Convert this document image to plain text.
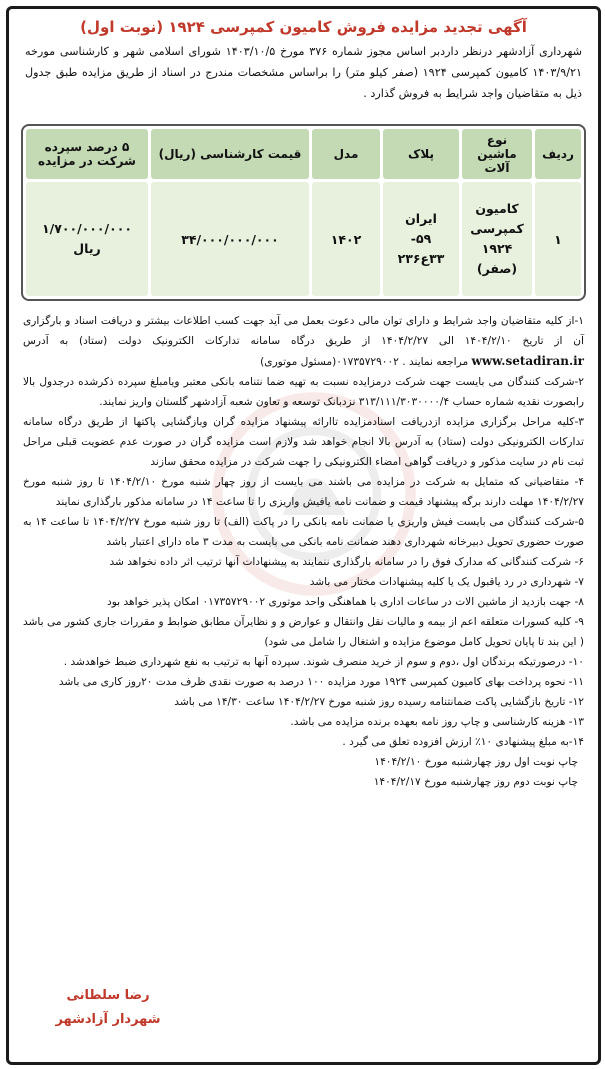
آگهی تجدید مزایده فروش کامیون کمپرسی ۱۹۲۴ (نوبت اول)
شهرداری آزادشهر درنظر داردبر اساس مجوز شماره ۳۷۶ مورخ ۱۴۰۳/۱۰/۵ شورای اسلامی شهر و کارشناسی مورخه ۱۴۰۳/۹/۲۱ کامیون کمپرسی ۱۹۲۴ (صفر کیلو متر) را براساس مشخصات مندرج در اسناد از طریق مزایده طبق جدول ذیل به متقاضیان واجد شرایط به فروش گذارد .
ردیف	نوع ماشین آلات	پلاک	مدل	قیمت کارشناسی (ریال)	۵ درصد سپرده شرکت در مزایده
۱	کامیون
کمپرسی
۱۹۲۴
(صفر)	ایران
۵۹-
۳۳ع۲۳۶	۱۴۰۲	۳۴/۰۰۰/۰۰۰/۰۰۰	۱/۷۰۰/۰۰۰/۰۰۰
ریال
۱-از کلیه متقاضیان واجد شرایط و دارای توان مالی دعوت بعمل می آید جهت کسب اطلاعات بیشتر و دریافت اسناد و بارگزاری آن از تاریخ ۱۴۰۴/۲/۱۰ الی ۱۴۰۴/۲/۲۷ از طریق درگاه سامانه تدارکات الکترونیک دولت (ستاد) به آدرس www.setadiran.ir مراجعه نمایند . ۰۱۷۳۵۷۲۹۰۰۲(مسئول موتوری)
۲-شرکت کنندگان می بایست جهت شرکت درمزایده نسبت به تهیه ضما نتنامه بانکی معتبر ویامبلغ سپرده ذکرشده درجدول بالا رابصورت نقدیه شماره حساب ۳۱۳/۱۱۱/۳۰۳۰۰۰۰/۴ نزدبانک توسعه و تعاون شعبه آزادشهر گلستان واریز نمایند.
۳-کلیه مراحل برگزاری مزایده ازدریافت اسنادمزایده تاارائه پیشنهاد مزایده گران وبازگشایی پاکتها از طریق درگاه سامانه تدارکات الکترونیکی دولت (ستاد) به آدرس بالا انجام خواهد شد ولازم است مزایده گران در صورت عدم عضویت قبلی مراحل ثبت نام در سایت مذکور و دریافت گواهی امضاء الکترونیکی را جهت شرکت در مزایده محقق سازند
۴- متقاضیانی که متمایل به شرکت در مزایده می باشند می بایست از روز چهار شنبه مورخ ۱۴۰۴/۲/۱۰ تا روز شنبه مورخ ۱۴۰۴/۲/۲۷ مهلت دارند برگه پیشنهاد قیمت و ضمانت نامه یافیش واریزی را تا ساعت ۱۴ در سامانه مذکور بارگذاری نمایند
۵-شرکت کنندگان می بایست فیش واریزی یا ضمانت نامه بانکی را در پاکت (الف) تا روز شنبه مورخ ۱۴۰۴/۲/۲۷ تا ساعت ۱۴ به صورت حضوری تحویل دبیرخانه شهرداری دهند ضمانت نامه بانکی می بایست به مدت ۳ ماه دارای اعتبار باشد
۶- شرکت کنندگانی که مدارک فوق را در سامانه بارگذاری ننمایند به پیشنهادات آنها ترتیب اثر داده نخواهد شد
۷- شهرداری در رد یاقبول یک یا کلیه پیشنهادات مختار می باشد
۸- جهت بازدید از ماشین الات در ساعات اداری با هماهنگی واحد موتوری ۰۱۷۳۵۷۲۹۰۰۲ امکان پذیر خواهد بود
۹- کلیه کسورات متعلقه اعم از بیمه و مالیات نقل وانتقال و عوارض و و نظایرآن مطابق ضوابط و مقررات جاری کشور می باشد ( این بند تا پایان تحویل کامل موضوع مزایده و اشتغال را شامل می شود)
۱۰- درصورتیکه برندگان اول ،دوم و سوم از خرید منصرف شوند. سپرده آنها به ترتیب به نفع شهرداری ضبط خواهدشد .
۱۱- نحوه پرداخت بهای کامیون کمپرسی ۱۹۲۴ مورد مزایده ۱۰۰ درصد به صورت نقدی ظرف مدت ۲۰روز کاری می باشد
۱۲- تاریخ بازگشایی پاکت ضمانتنامه رسیده روز شنبه مورخ ۱۴۰۴/۲/۲۷ ساعت ۱۴/۳۰ می باشد
۱۳- هزینه کارشناسی و چاپ روز نامه بعهده برنده مزایده می باشد.
۱۴-به مبلغ پیشنهادی ۱۰٪ ارزش افزوده تعلق می گیرد .
چاپ نوبت اول روز چهارشنبه مورخ ۱۴۰۴/۲/۱۰
چاپ نوبت دوم روز چهارشنبه مورخ ۱۴۰۴/۲/۱۷
رضا سلطانی
شهردار آزادشهر
